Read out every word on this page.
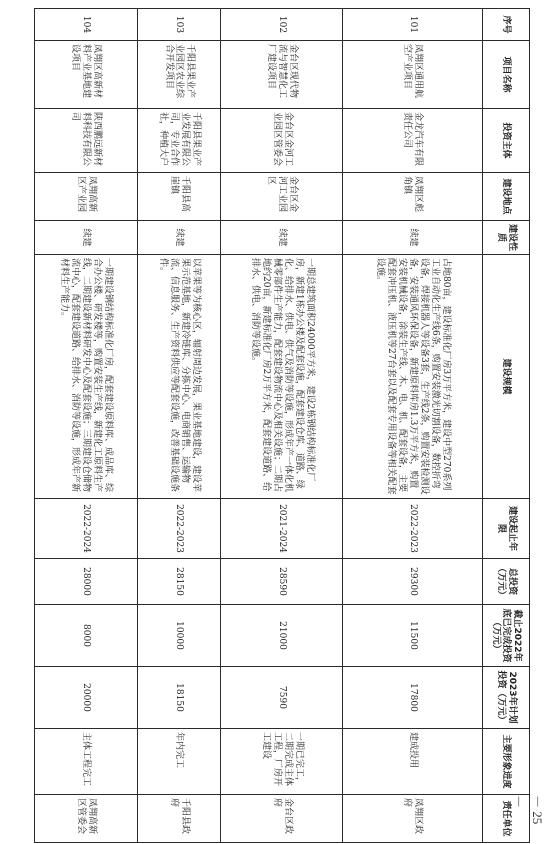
序号	项目名称	投资主体	建设地点	建设性质	建设规模	建设起止年限	总投资（万元）	截止2022年底已完成投资（万元）	2023年计划投资（万元）	主要形象进度	责任单位
101	凤翔区通用航空产业项目	金龙汽车有限责任公司	凤翔区彪角镇	续建	占地80亩，建设标准化厂房3万平方米，建设中型270系列工业自动化生产线6条，购置安装激光切割设备，数控折弯设备，焊接机器人等设备3套，生产线2条，购置安装检测设备，安装通风环保设备，新建原料库房1.3万平方米，购置安装机械设备，涂装生产线、木、电、机、配套设备，主要配套冲压机、液压机等27台套以及配套专用设备等相关配套设施。	2022-2023	29300	11500	17800	建成投用	凤翔区政府
102	金台区现代物流与智慧化工厂建设项目	金台区金河工业园区管委会	金台区金河工业园区	续建	一期总建筑面积24000平方米，建设2栋钢结构标准化厂房，新建1栋办公楼及配套设施，配套建设仓库、道路、绿化、给排水、供电、供气及消防等设施，形成年产一体化机械零部件生产能力，配套建设物流中心及相关设施；二期占地约20亩，新建标准化厂房2万平方米，配套建设道路、给排水、供电、消防等设施。	2021-2024	28590	21000	7590	一期已完工，二期完成主体工程，厂房开工建设	金台区政府
103	千阳县果业产业园区农业综合开发项目	千阳县果业产业发展有限公司，专业合作社，种植大户	千阳县高崖镇	续建	以苹果等为核心区，辐射周边发展，果业基地建设，建设苹果示范基地，新建冷链库、分拣中心、电商销售、运输物流、信息服务、生产资料供应等配套设施，改善基础设施条件。	2022-2023	28150	10000	18150	年内完工	千阳县政府
104	凤翔区高新材料产业基地建设项目	陕西鹏远新材料科技有限公司	凤翔高新区产业园	续建	一期建设钢结构标准化厂房，配套建设原料库、成品库、综合办公楼、研发楼等，购置安装生产线，新建化工原料生产线，二期建设新材料研发中心及配套设施；三期建设仓储物流中心，配套建设道路、给排水、消防等设施，形成年产新材料生产能力。	2022-2024	28000	8000	20000	主体工程完工	凤翔高新区管委会	－ 25 －
